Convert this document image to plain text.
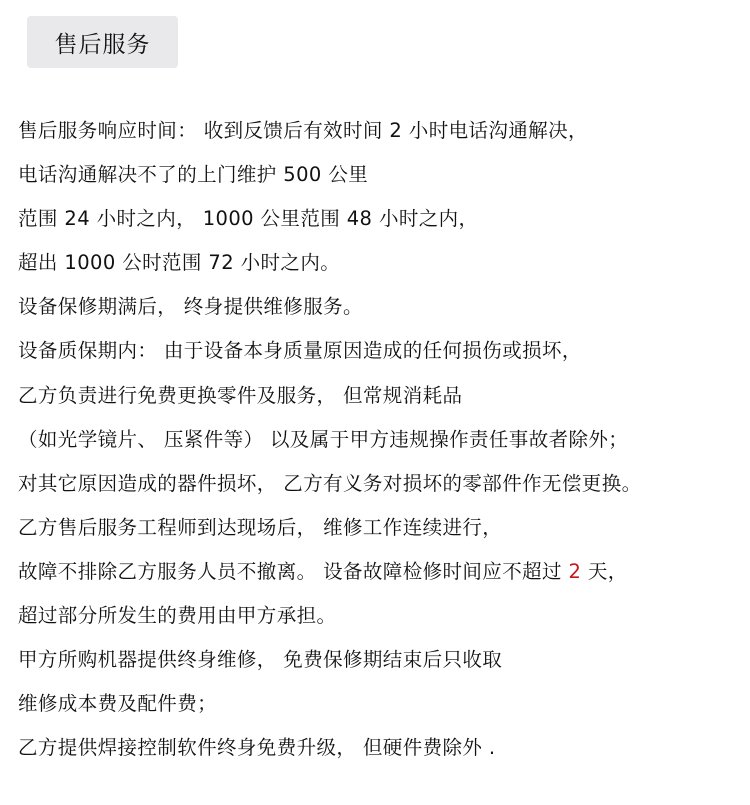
售后服务
售后服务响应时间： 收到反馈后有效时间 2 小时电话沟通解决，
电话沟通解决不了的上门维护 500 公里
范围 24 小时之内， 1000 公里范围 48 小时之内，
超出 1000 公时范围 72 小时之内。
设备保修期满后， 终身提供维修服务。
设备质保期内： 由于设备本身质量原因造成的任何损伤或损坏，
乙方负责进行免费更换零件及服务， 但常规消耗品
（如光学镜片、 压紧件等） 以及属于甲方违规操作责任事故者除外；
对其它原因造成的器件损坏， 乙方有义务对损坏的零部件作无偿更换。
乙方售后服务工程师到达现场后， 维修工作连续进行，
故障不排除乙方服务人员不撤离。 设备故障检修时间应不超过 2 天，
超过部分所发生的费用由甲方承担。
甲方所购机器提供终身维修， 免费保修期结束后只收取
维修成本费及配件费；
乙方提供焊接控制软件终身免费升级， 但硬件费除外 .
